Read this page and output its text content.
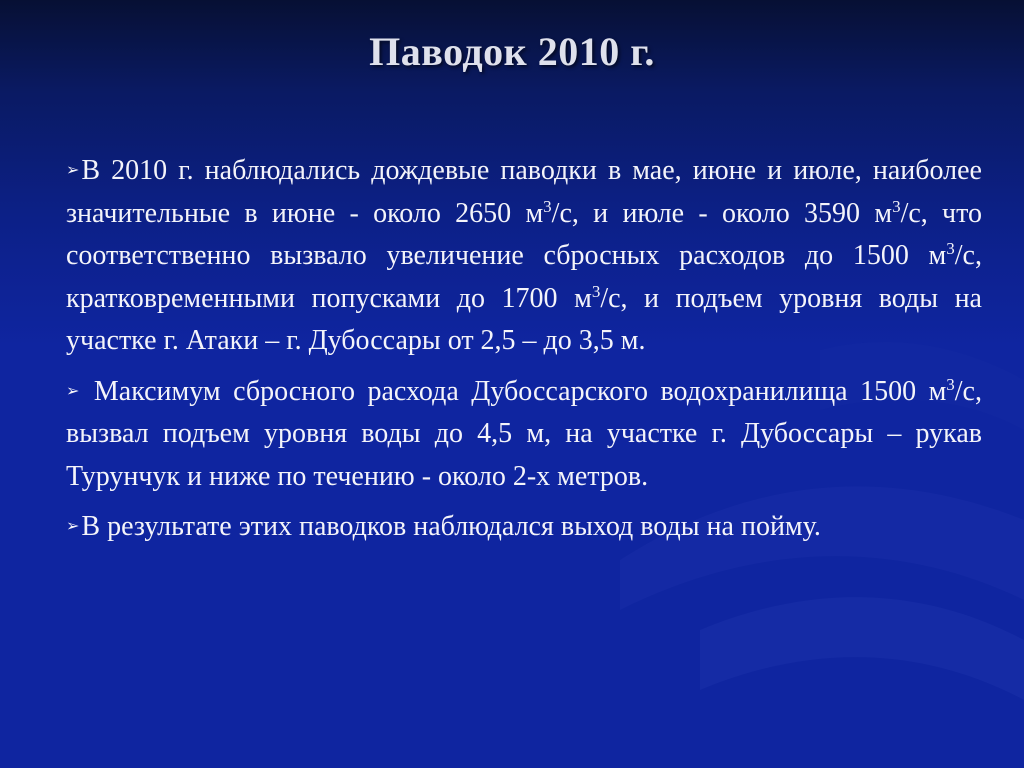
Паводок 2010 г.
➢В 2010 г. наблюдались дождевые паводки в мае, июне и июле, наиболее значительные в июне - около 2650 $м^3/с$, и июле - около 3590 $м^3/с$, что соответственно вызвало увеличение сбросных расходов до 1500 $м^3/с$, кратковременными попусками до 1700 $м^3/с$, и подъем уровня воды на участке г. Атаки – г. Дубоссары от 2,5 – до 3,5 м.
➢ Максимум сбросного расхода Дубоссарского водохранилища 1500 $м^3/с$, вызвал подъем уровня воды до 4,5 м, на участке г. Дубоссары – рукав Турунчук и ниже по течению - около 2-х метров.
➢В результате этих паводков наблюдался выход воды на пойму.
